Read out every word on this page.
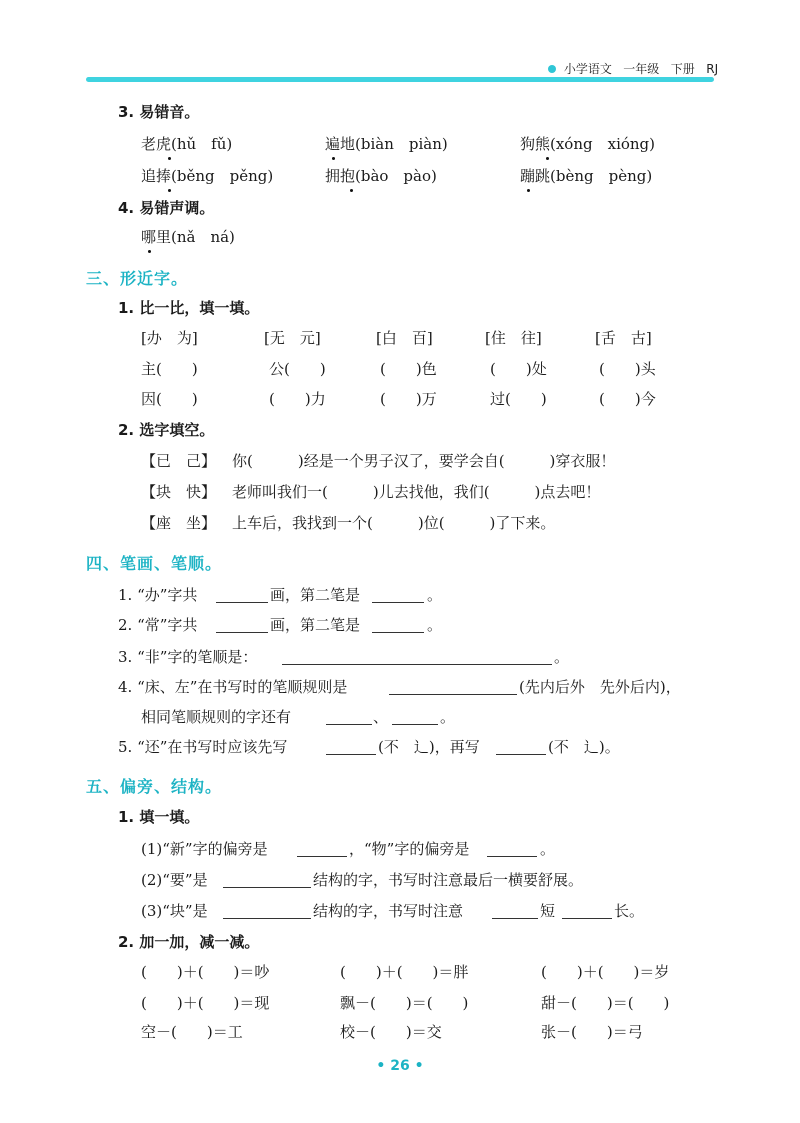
小学语文 一年级 下册 RJ
3. 易错音。
老虎(hǔ　fǔ)	遍地(biàn　piàn)	狗熊(xóng　xióng)
追捧(běng　pěng)	拥抱(bào　pào)	蹦跳(bèng　pèng)
4. 易错声调。
哪里(nǎ　ná)
三、形近字。
1. 比一比，填一填。
[办　为]	[无　元]	[白　百]	[住　往]	[舌　古]
主(　　)	公(　　)	(　　)色	(　　)处	(　　)头
因(　　)	(　　)力	(　　)万	过(　　)	(　　)今
2. 选字填空。
【已　己】 你(　　　)经是一个男子汉了，要学会自(　　　)穿衣服！
【块　快】 老师叫我们一(　　　)儿去找他，我们(　　　)点去吧！
【座　坐】 上车后，我找到一个(　　　)位(　　　)了下来。
四、笔画、笔顺。
1. “办”字共	画，第二笔是	。
2. “常”字共	画，第二笔是	。
3. “非”字的笔顺是：	。
4. “床、左”在书写时的笔顺规则是	(先内后外　先外后内)，
相同笔顺规则的字还有	、	。
5. “还”在书写时应该先写	(不　辶)，再写	(不　辶)。
五、偏旁、结构。
1. 填一填。
(1)“新”字的偏旁是	，“物”字的偏旁是	。
(2)“要”是	结构的字，书写时注意最后一横要舒展。
(3)“块”是	结构的字，书写时注意	短	长。
2. 加一加，减一减。
(　　)＋(　　)＝吵	(　　)＋(　　)＝胖	(　　)＋(　　)＝岁
(　　)＋(　　)＝现	飘－(　　)＝(　　)	甜－(　　)＝(　　)
空－(　　)＝工	校－(　　)＝交	张－(　　)＝弓
• 26 •
